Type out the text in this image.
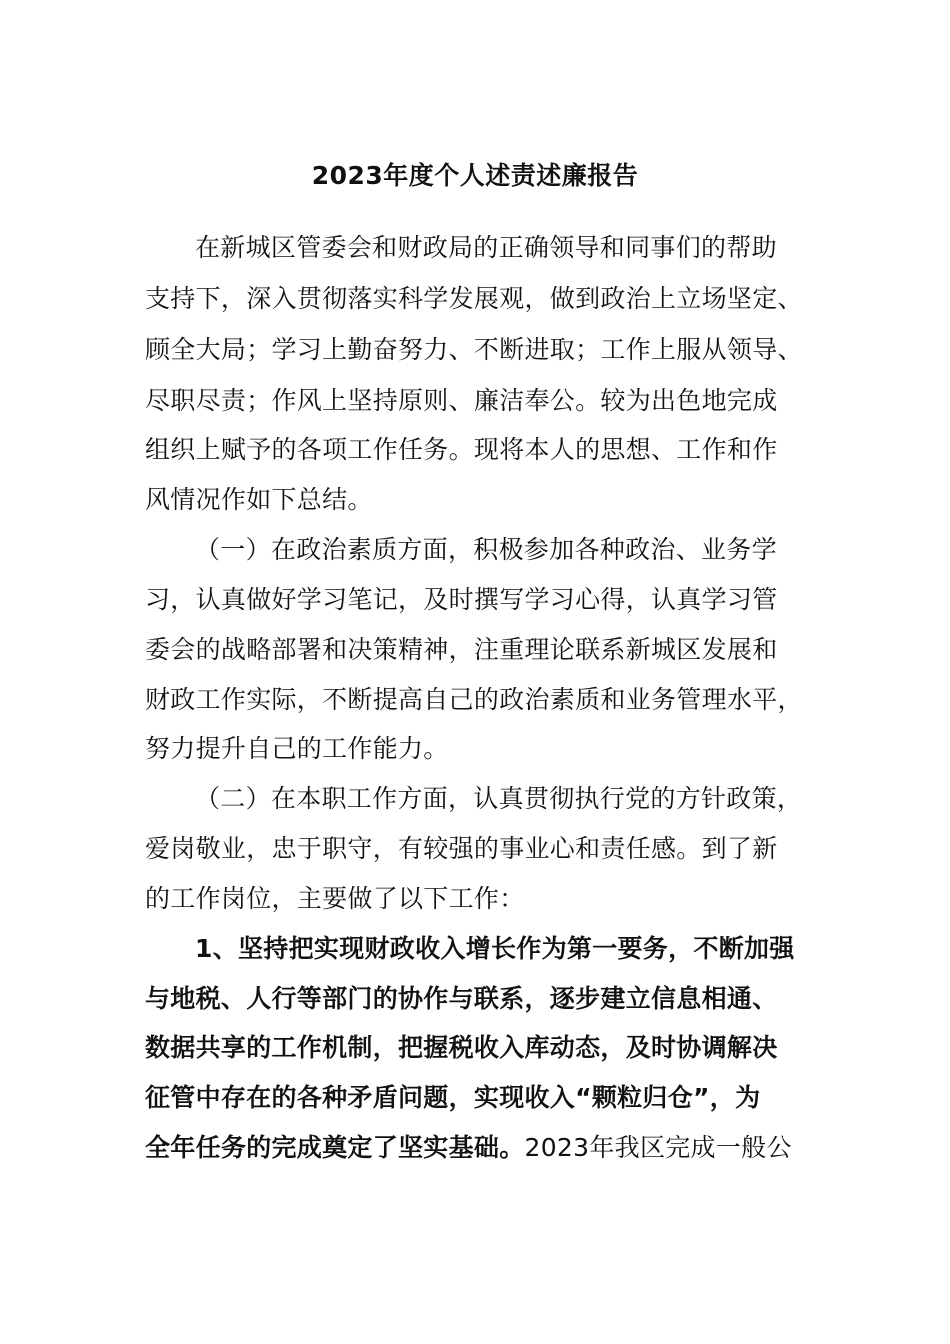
2023年度个人述责述廉报告
在新城区管委会和财政局的正确领导和同事们的帮助
支持下，深入贯彻落实科学发展观，做到政治上立场坚定、
顾全大局；学习上勤奋努力、不断进取；工作上服从领导、
尽职尽责；作风上坚持原则、廉洁奉公。较为出色地完成
组织上赋予的各项工作任务。现将本人的思想、工作和作
风情况作如下总结。
（一）在政治素质方面，积极参加各种政治、业务学
习，认真做好学习笔记，及时撰写学习心得，认真学习管
委会的战略部署和决策精神，注重理论联系新城区发展和
财政工作实际，不断提高自己的政治素质和业务管理水平，
努力提升自己的工作能力。
（二）在本职工作方面，认真贯彻执行党的方针政策，
爱岗敬业，忠于职守，有较强的事业心和责任感。到了新
的工作岗位，主要做了以下工作：
1、坚持把实现财政收入增长作为第一要务，不断加强
与地税、人行等部门的协作与联系，逐步建立信息相通、
数据共享的工作机制，把握税收入库动态，及时协调解决
征管中存在的各种矛盾问题，实现收入“颗粒归仓”，为
全年任务的完成奠定了坚实基础。2023年我区完成一般公
